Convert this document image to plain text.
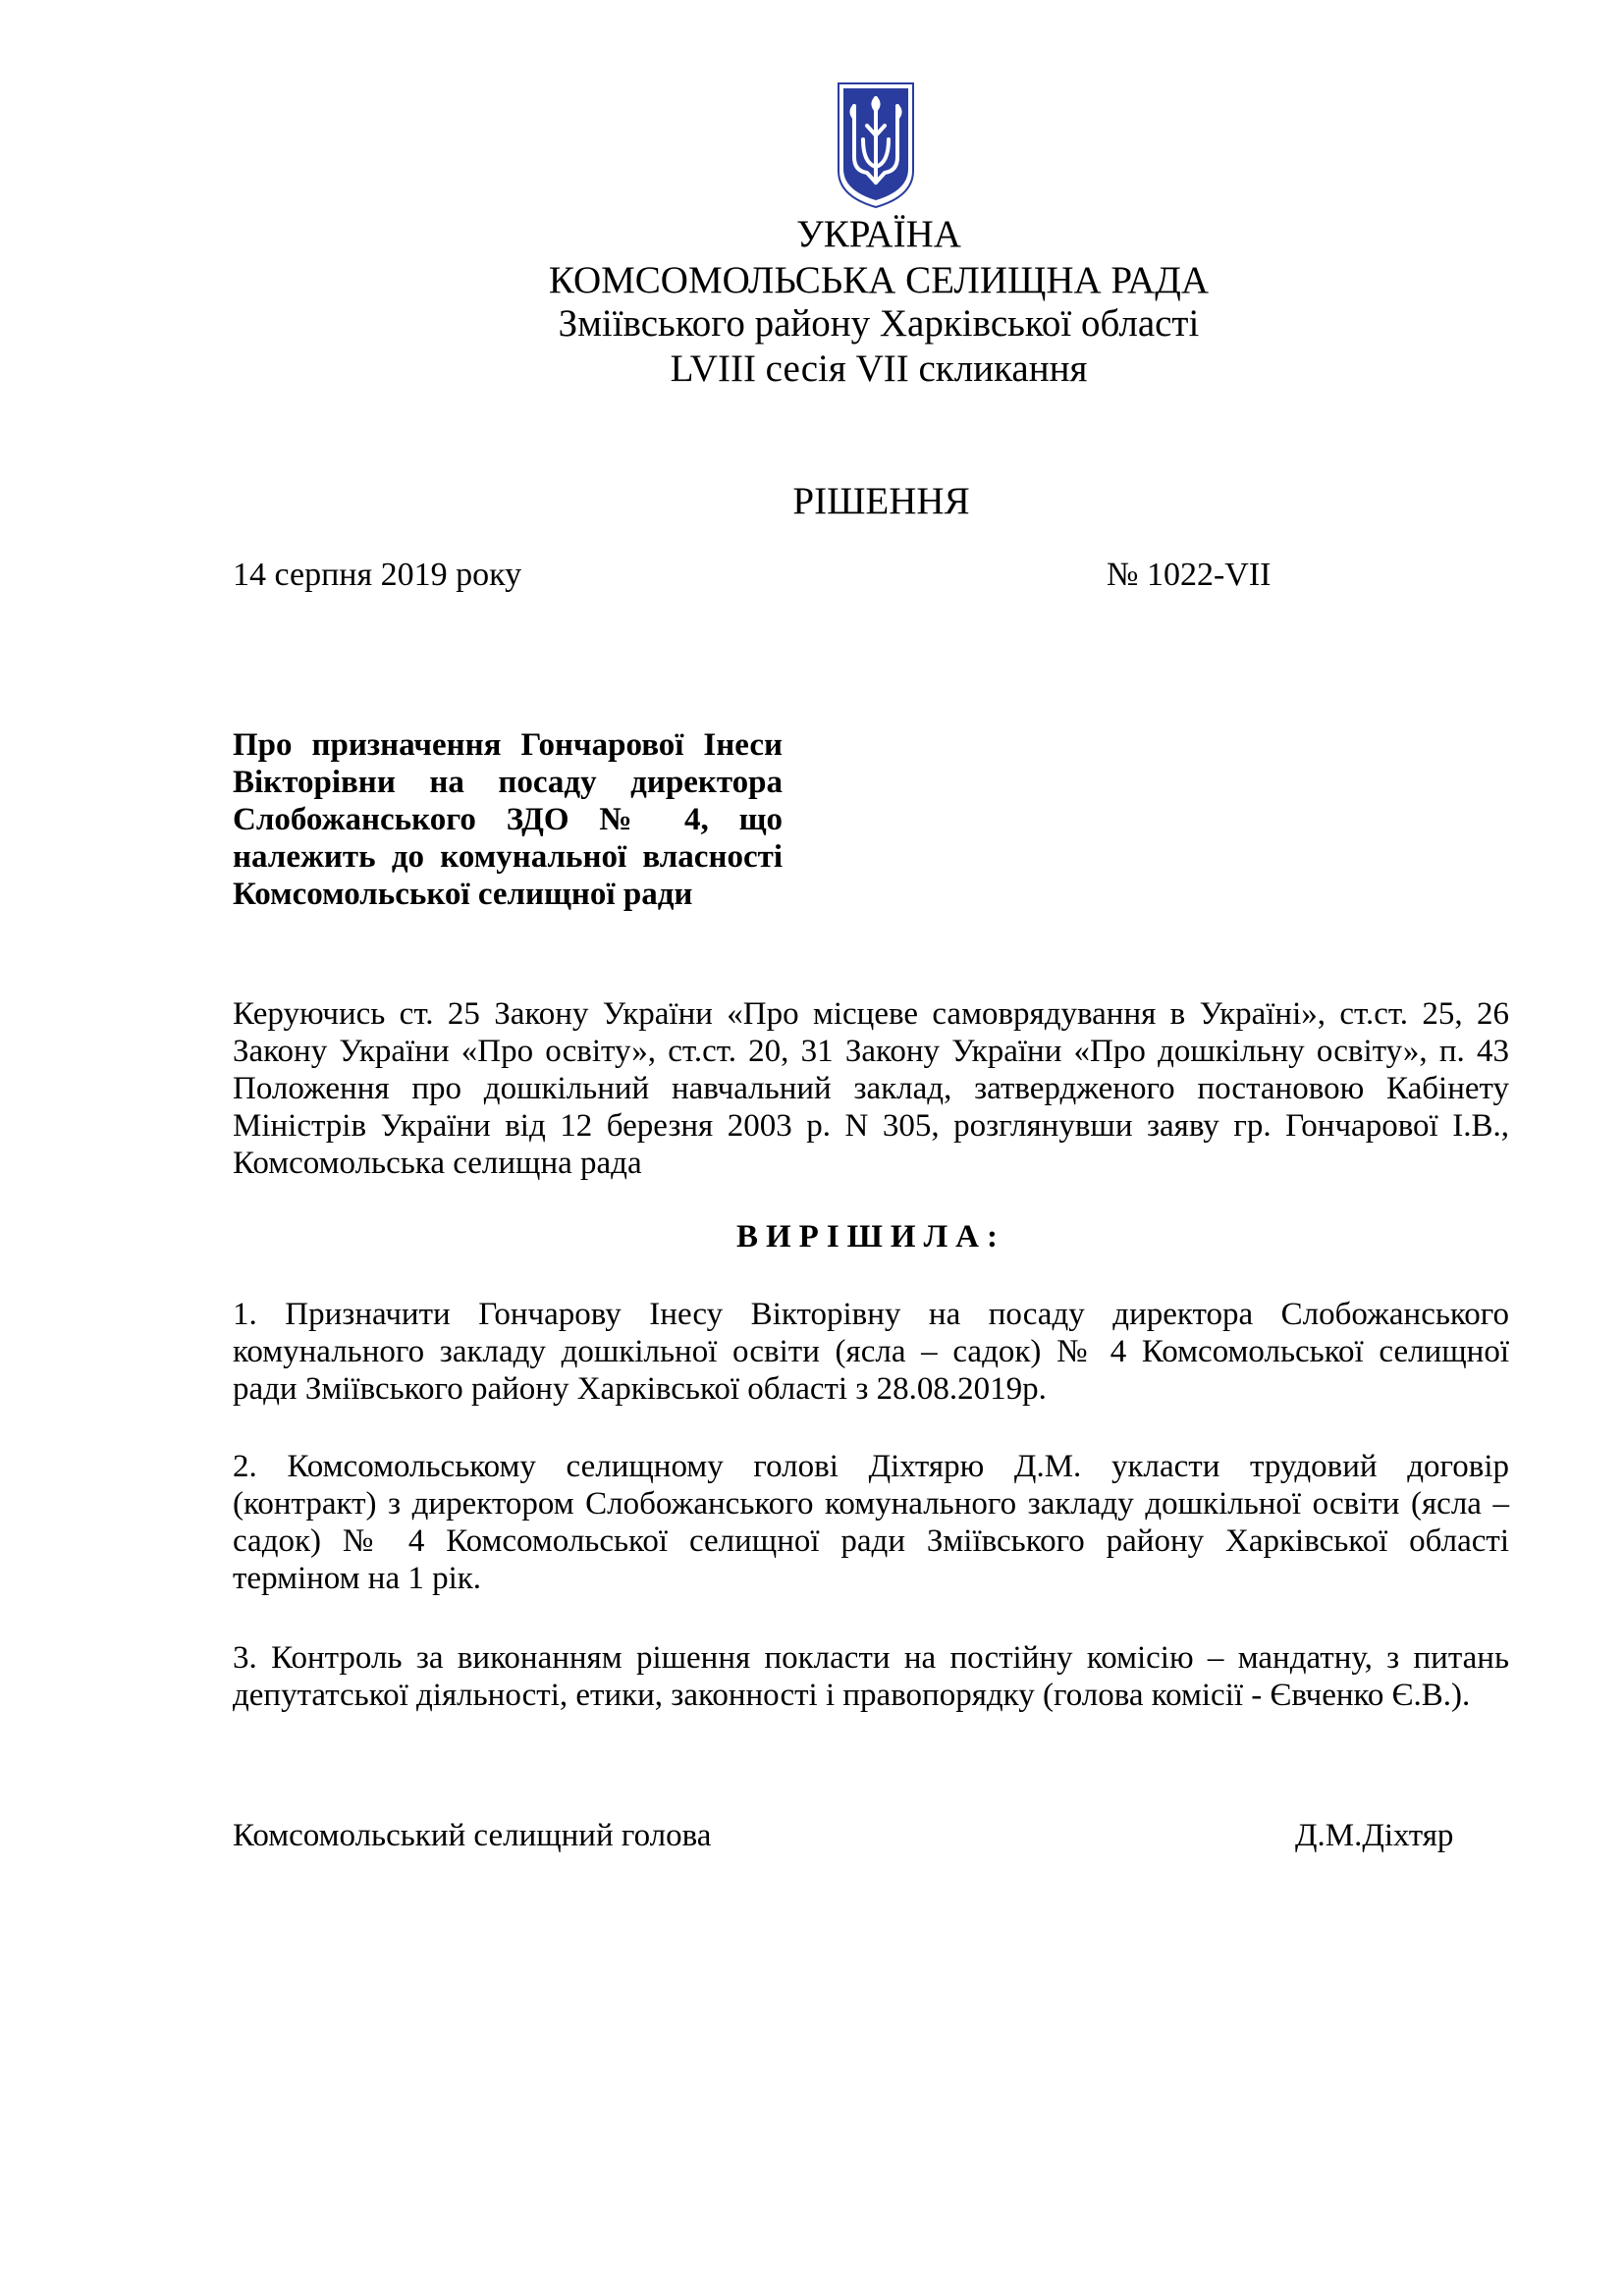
УКРАЇНА
КОМСОМОЛЬСЬКА СЕЛИЩНА РАДА
Зміївського району Харківської області
LVIII сесія VII скликання
РІШЕННЯ
14 серпня 2019 року	№ 1022-VII
Про призначення Гончарової Інеси
Вікторівни на посаду директора
Слобожанського ЗДО № 4, що
належить до комунальної власності
Комсомольської селищної ради
Керуючись ст. 25 Закону України «Про місцеве самоврядування в Україні», ст.ст. 25, 26
Закону України «Про освіту», ст.ст. 20, 31 Закону України «Про дошкільну освіту», п. 43
Положення про дошкільний навчальний заклад, затвердженого постановою Кабінету
Міністрів України від 12 березня 2003 р. N 305, розглянувши заяву гр. Гончарової І.В.,
Комсомольська селищна рада
ВИРІШИЛА:
1. Призначити Гончарову Інесу Вікторівну на посаду директора Слобожанського
комунального закладу дошкільної освіти (ясла – садок) № 4 Комсомольської селищної
ради Зміївського району Харківської області з 28.08.2019р.
2. Комсомольському селищному голові Діхтярю Д.М. укласти трудовий договір
(контракт) з директором Слобожанського комунального закладу дошкільної освіти (ясла –
садок) № 4 Комсомольської селищної ради Зміївського району Харківської області
терміном на 1 рік.
3. Контроль за виконанням рішення покласти на постійну комісію – мандатну, з питань
депутатської діяльності, етики, законності і правопорядку (голова комісії - Євченко Є.В.).
Комсомольський селищний голова	Д.М.Діхтяр
